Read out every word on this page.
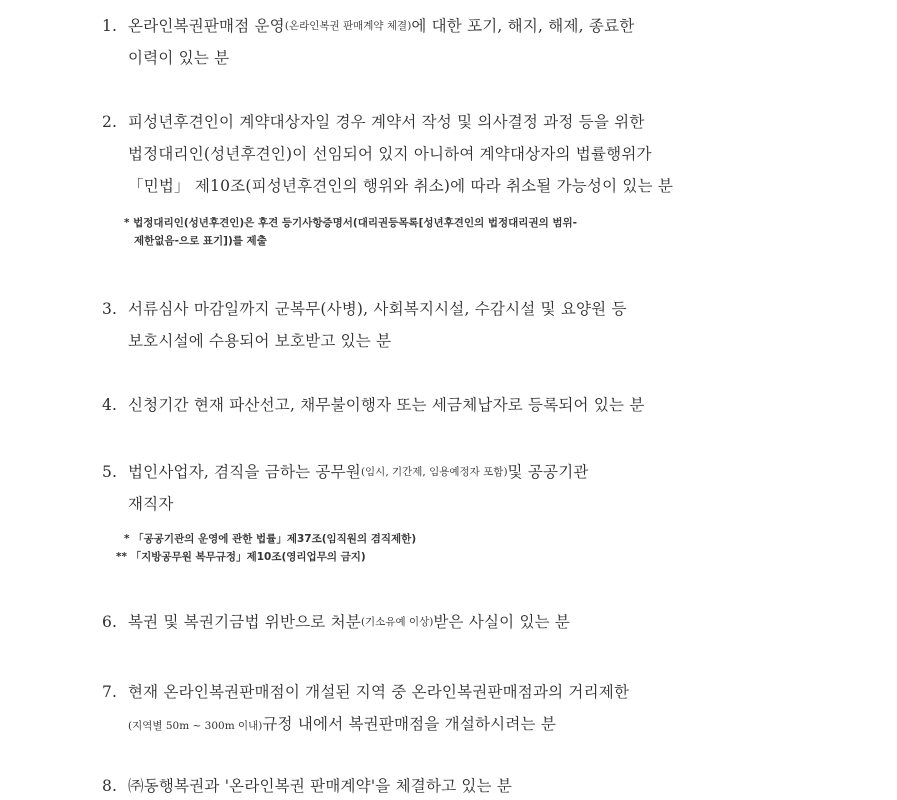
1. 온라인복권판매점 운영 (온라인복권 판매계약 체결) 에 대한 포기, 해지, 해제, 종료한
이력이 있는 분
2. 피성년후견인이 계약대상자일 경우 계약서 작성 및 의사결정 과정 등을 위한
법정대리인(성년후견인)이 선임되어 있지 아니하여 계약대상자의 법률행위가
「민법」 제10조(피성년후견인의 행위와 취소)에 따라 취소될 가능성이 있는 분
* 법정대리인(성년후견인)은 후견 등기사항증명서(대리권등목록[성년후견인의 법정대리권의 범위-
제한없음-으로 표기])를 제출
3. 서류심사 마감일까지 군복무(사병), 사회복지시설, 수감시설 및 요양원 등
보호시설에 수용되어 보호받고 있는 분
4. 신청기간 현재 파산선고, 채무불이행자 또는 세금체납자로 등록되어 있는 분
5. 법인사업자, 겸직을 금하는 공무원 (임시, 기간제, 임용예정자 포함) 및 공공기관
재직자
* 「공공기관의 운영에 관한 법률」제37조(임직원의 겸직제한)
** 「지방공무원 복무규정」제10조(영리업무의 금지)
6. 복권 및 복권기금법 위반으로 처분 (기소유예 이상) 받은 사실이 있는 분
7. 현재 온라인복권판매점이 개설된 지역 중 온라인복권판매점과의 거리제한
(지역별 50m ~ 300m 이내) 규정 내에서 복권판매점을 개설하시려는 분
8. ㈜동행복권과 '온라인복권 판매계약'을 체결하고 있는 분
